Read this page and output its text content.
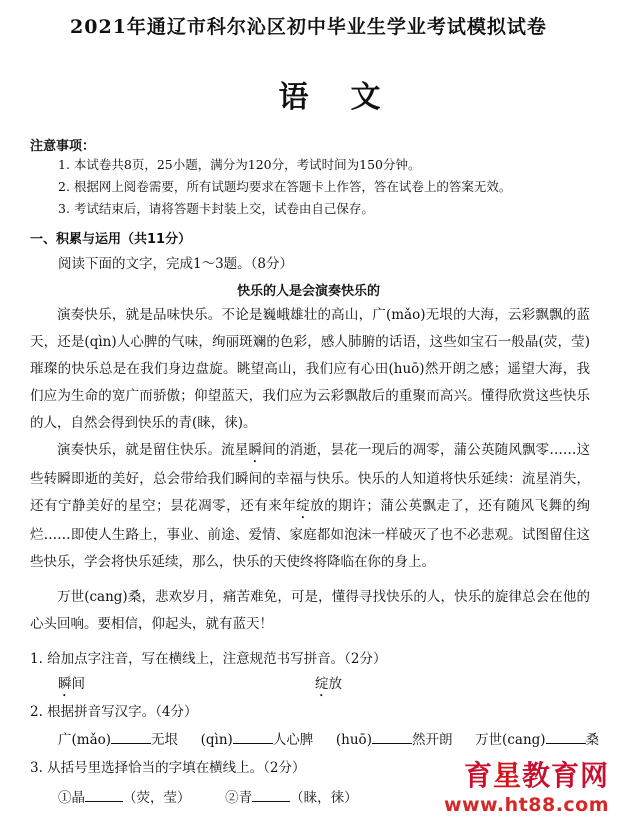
2021年通辽市科尔沁区初中毕业生学业考试模拟试卷
语文
注意事项：
1. 本试卷共8页，25小题，满分为120分，考试时间为150分钟。
2. 根据网上阅卷需要，所有试题均要求在答题卡上作答，答在试卷上的答案无效。
3. 考试结束后，请将答题卡封装上交，试卷由自己保存。
一、积累与运用（共11分）
阅读下面的文字，完成1～3题。（8分）
快乐的人是会演奏快乐的

演奏快乐，就是品味快乐。不论是巍峨雄壮的高山，广(mǎo)无垠的大海，云彩飘飘的蓝天，还是(qìn)人心脾的气味，绚丽斑斓的色彩，感人肺腑的话语，这些如宝石一般晶(荧，莹)璀璨的快乐总是在我们身边盘旋。眺望高山，我们应有心田(huō)然开朗之感；遥望大海，我们应为生命的宽广而骄傲；仰望蓝天，我们应为云彩飘散后的重聚而高兴。懂得欣赏这些快乐的人，自然会得到快乐的青(睐，徕)。

演奏快乐，就是留住快乐。流星瞬间的消逝，昙花一现后的凋零，蒲公英随风飘零……这些转瞬即逝的美好，总会带给我们瞬间的幸福与快乐。快乐的人知道将快乐延续：流星消失，还有宁静美好的星空；昙花凋零，还有来年绽放的期许；蒲公英飘走了，还有随风飞舞的绚烂……即使人生路上，事业、前途、爱情、家庭都如泡沫一样破灭了也不必悲观。试图留住这些快乐，学会将快乐延续，那么，快乐的天使终将降临在你的身上。

万世(cang)桑，悲欢岁月，痛苦难免，可是，懂得寻找快乐的人，快乐的旋律总会在他的心头回响。要相信，仰起头，就有蓝天！

1. 给加点字注音，写在横线上，注意规范书写拼音。（2分）
瞬间	绽放
2. 根据拼音写汉字。（4分）
广(mǎo)	无垠 (qìn)	人心脾 (huō)	然开朗 万世(cang)	桑
3. 从括号里选择恰当的字填在横线上。（2分）
①晶	（荧，莹）	②青	（睐，徕）
育星教育网
www.ht88.com
